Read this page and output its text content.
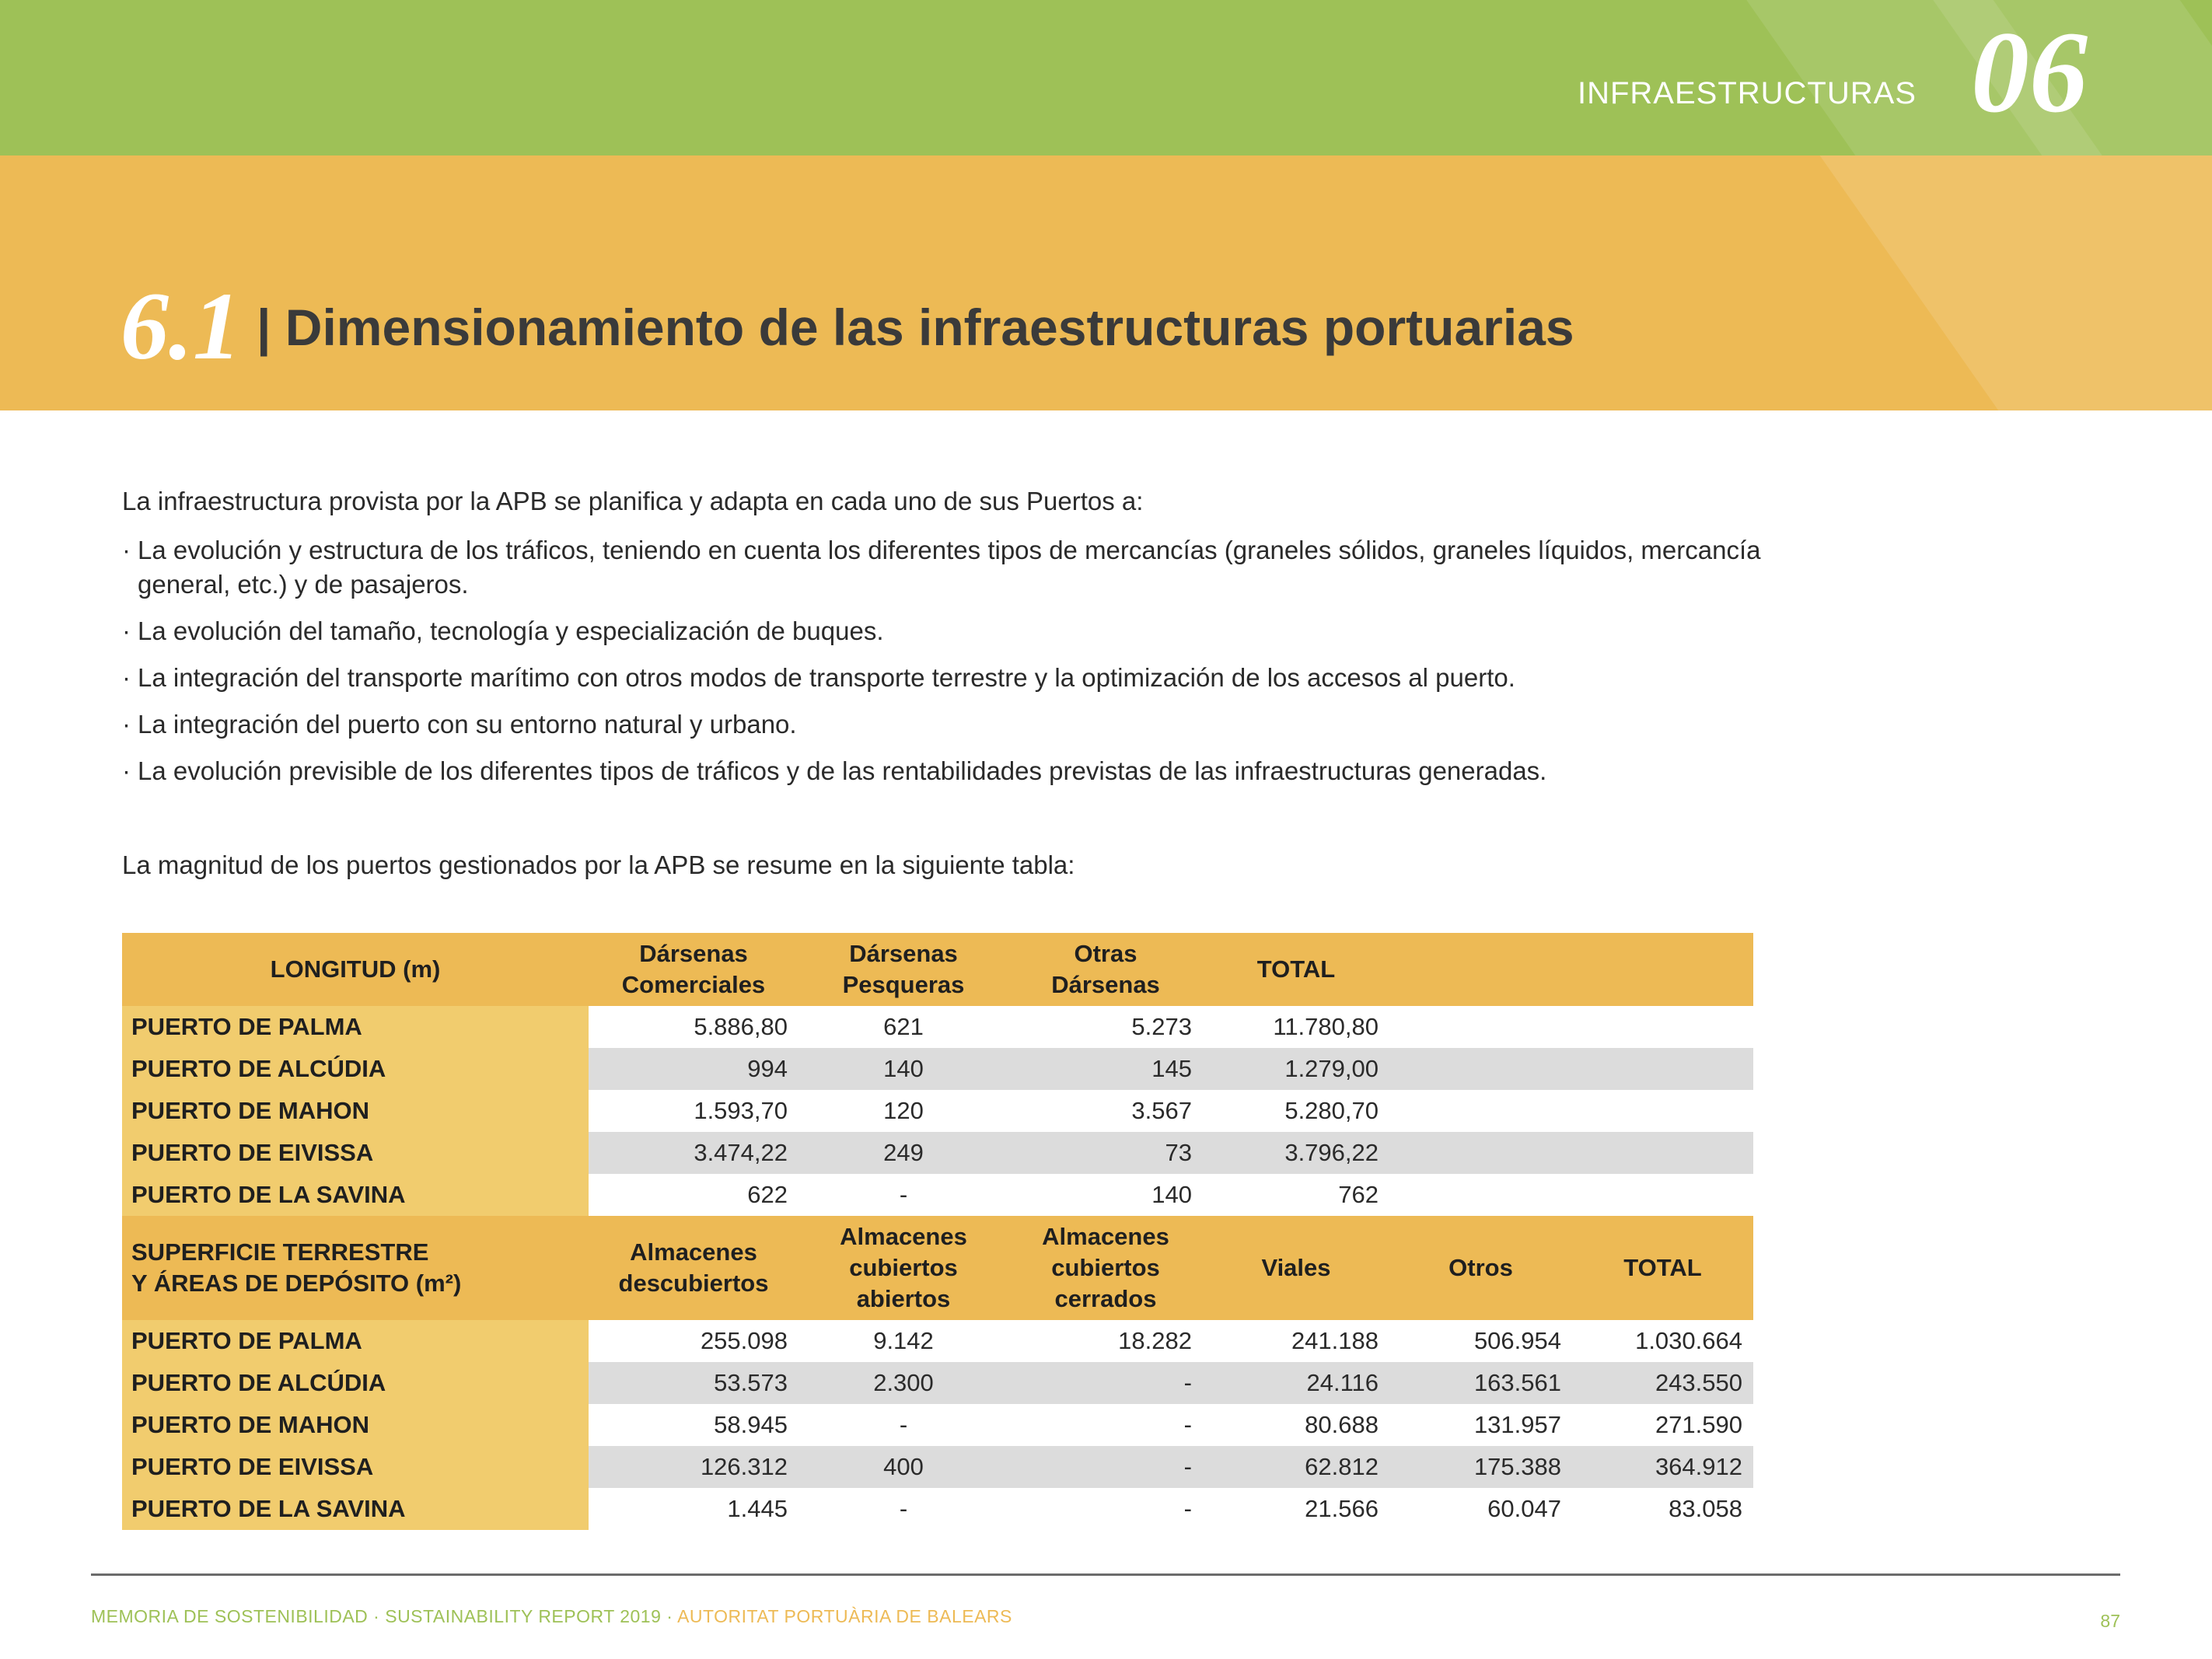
INFRAESTRUCTURAS 06
6.1 | Dimensionamiento de las infraestructuras portuarias
La infraestructura provista por la APB se planifica y adapta en cada uno de sus Puertos a:
· La evolución y estructura de los tráficos, teniendo en cuenta los diferentes tipos de mercancías (graneles sólidos, graneles líquidos, mercancía general, etc.) y de pasajeros.
· La evolución del tamaño, tecnología y especialización de buques.
· La integración del transporte marítimo con otros modos de transporte terrestre y la optimización de los accesos al puerto.
· La integración del puerto con su entorno natural y urbano.
· La evolución previsible de los diferentes tipos de tráficos y de las rentabilidades previstas de las infraestructuras generadas.
La magnitud de los puertos gestionados por la APB se resume en la siguiente tabla:
LONGITUD (m)	Dársenas Comerciales	Dársenas Pesqueras	Otras Dársenas	TOTAL		
PUERTO DE PALMA	5.886,80	621	5.273	11.780,80		
PUERTO DE ALCÚDIA	994	140	145	1.279,00		
PUERTO DE MAHON	1.593,70	120	3.567	5.280,70		
PUERTO DE EIVISSA	3.474,22	249	73	3.796,22		
PUERTO DE LA SAVINA	622	-	140	762		

SUPERFICIE TERRESTRE
Y ÁREAS DE DEPÓSITO (m²)	Almacenes descubiertos	Almacenes cubiertos abiertos	Almacenes cubiertos cerrados	Viales	Otros	TOTAL
PUERTO DE PALMA	255.098	9.142	18.282	241.188	506.954	1.030.664
PUERTO DE ALCÚDIA	53.573	2.300	-	24.116	163.561	243.550
PUERTO DE MAHON	58.945	-	-	80.688	131.957	271.590
PUERTO DE EIVISSA	126.312	400	-	62.812	175.388	364.912
PUERTO DE LA SAVINA	1.445	-	-	21.566	60.047	83.058
MEMORIA DE SOSTENIBILIDAD · SUSTAINABILITY REPORT 2019 · AUTORITAT PORTUÀRIA DE BALEARS	87
